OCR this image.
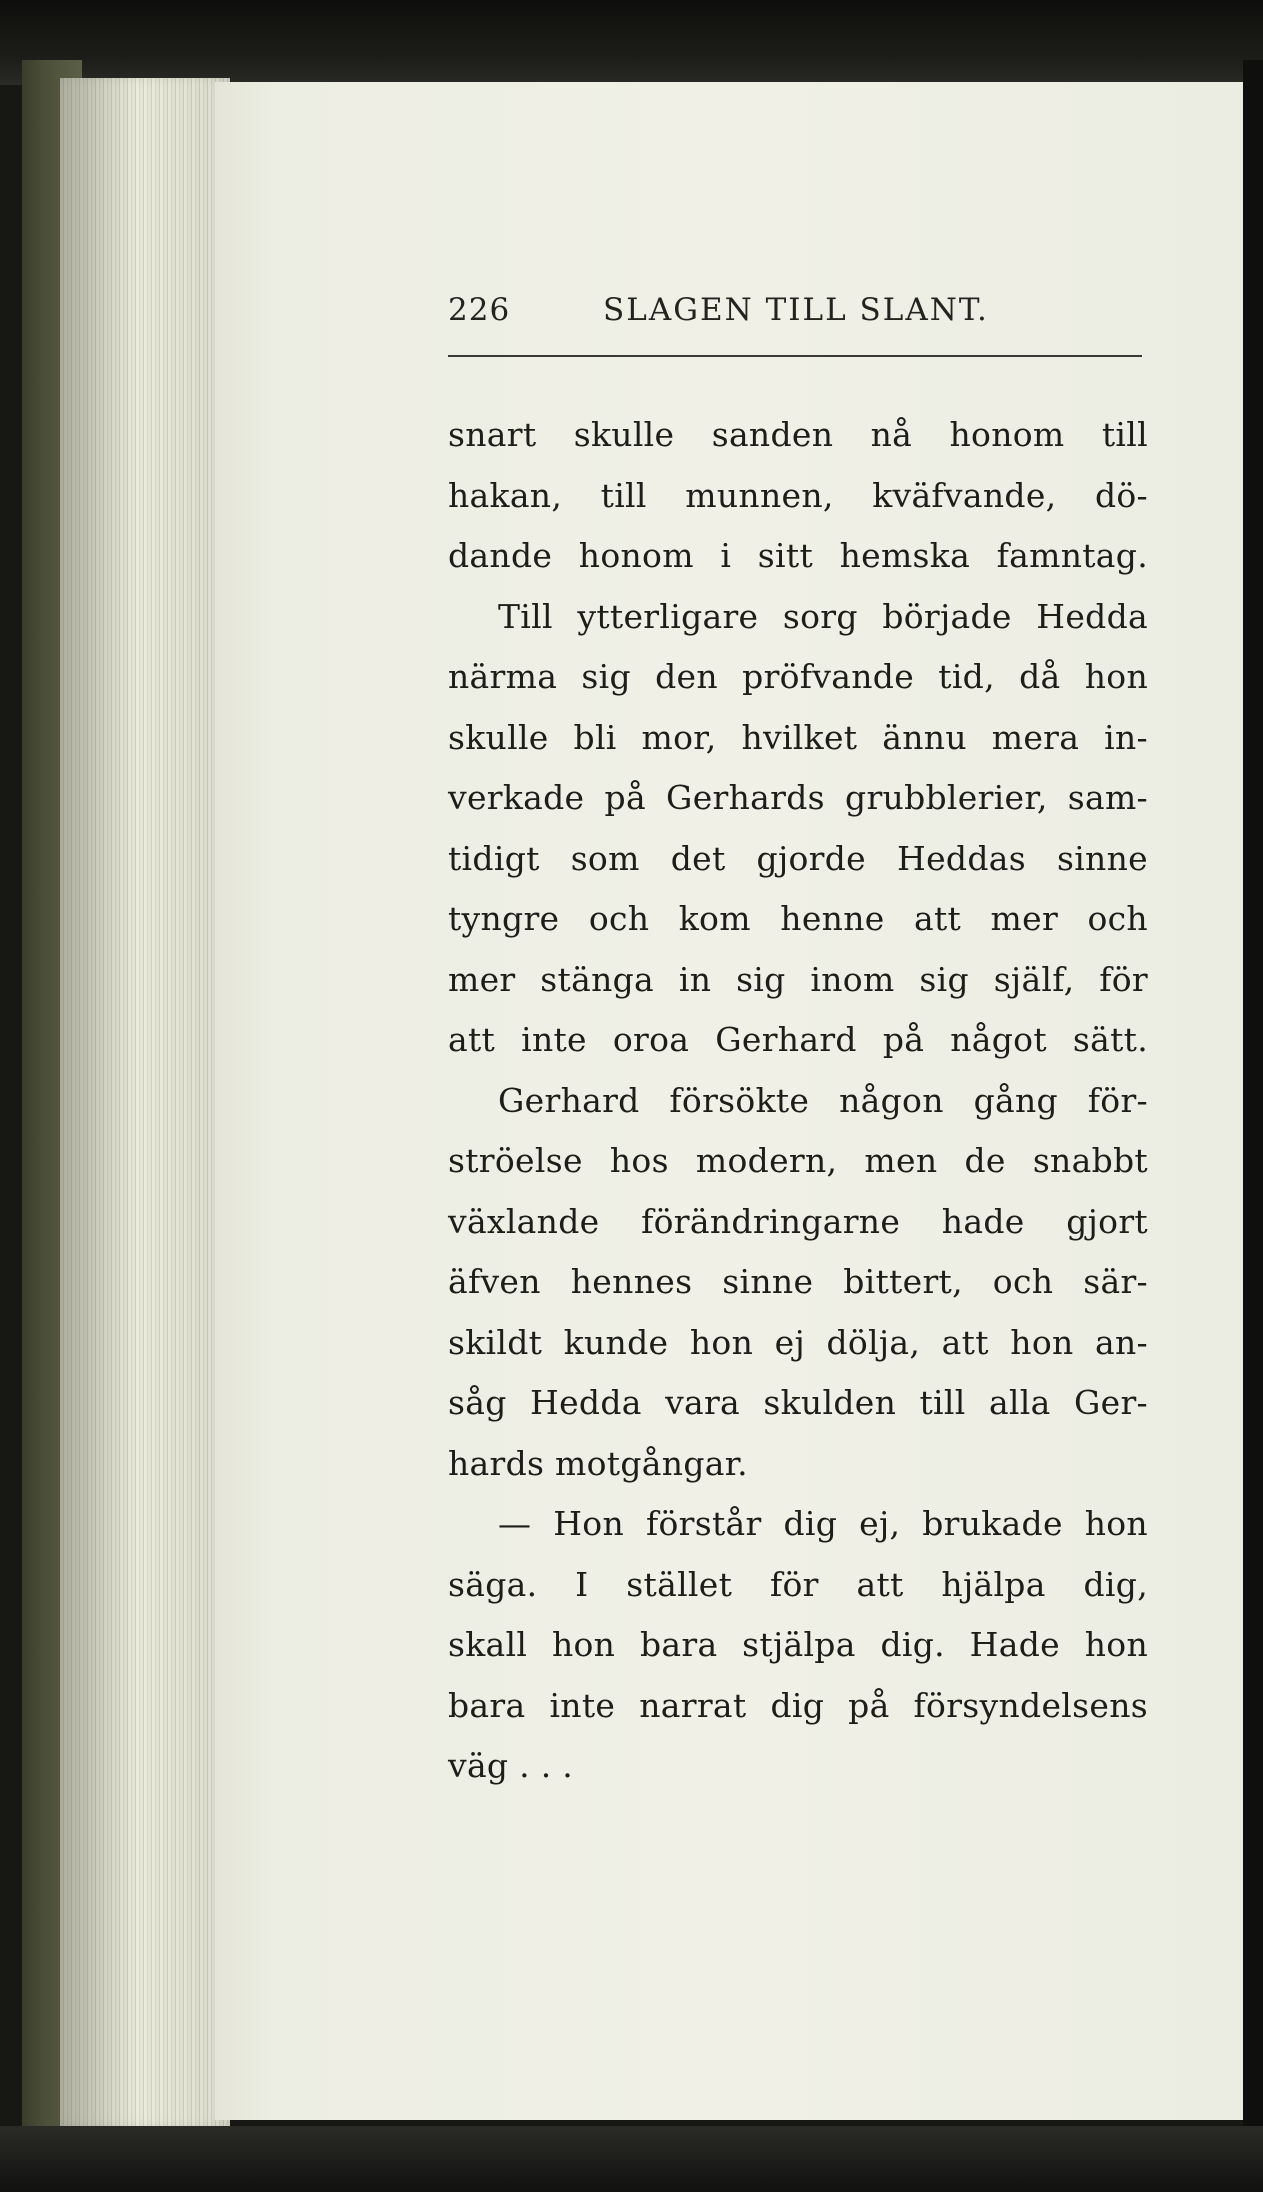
226	SLAGEN TILL SLANT.
snart skulle sanden nå honom till
hakan, till munnen, kväfvande, dö-
dande honom i sitt hemska famntag.
Till ytterligare sorg började Hedda
närma sig den pröfvande tid, då hon
skulle bli mor, hvilket ännu mera in-
verkade på Gerhards grubblerier, sam-
tidigt som det gjorde Heddas sinne
tyngre och kom henne att mer och
mer stänga in sig inom sig själf, för
att inte oroa Gerhard på något sätt.
Gerhard försökte någon gång för-
ströelse hos modern, men de snabbt
växlande förändringarne hade gjort
äfven hennes sinne bittert, och sär-
skildt kunde hon ej dölja, att hon an-
såg Hedda vara skulden till alla Ger-
hards motgångar.
— Hon förstår dig ej, brukade hon
säga. I stället för att hjälpa dig,
skall hon bara stjälpa dig. Hade hon
bara inte narrat dig på försyndelsens
väg . . .
